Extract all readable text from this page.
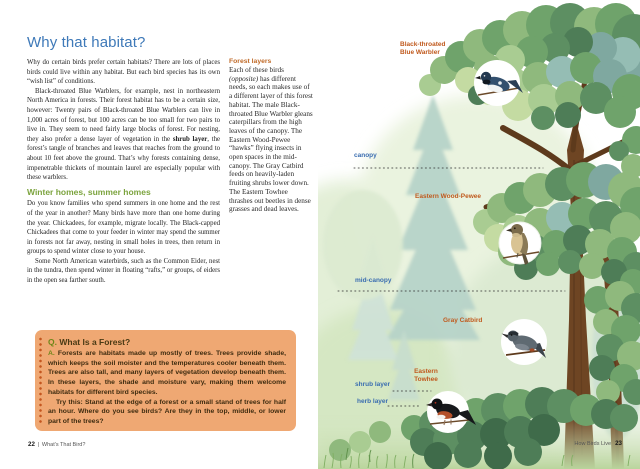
Why that habitat?

Why do certain birds prefer certain habitats? There are lots of places birds could live within any habitat. But each bird species has its own “wish list” of conditions.

Black-throated Blue Warblers, for example, nest in northeastern North America in forests. Their forest habitat has to be a certain size, however: Twenty pairs of Black-throated Blue Warblers can live in 1,000 acres of forest, but 100 acres can be too small for two pairs to live in. They seem to need fairly large blocks of forest. For nesting, they also prefer a dense layer of vegetation in the shrub layer, the forest’s tangle of branches and leaves that reaches from the ground to about 10 feet above the ground. That’s why forests containing dense, impenetrable thickets of mountain laurel are especially popular with these warblers.

Winter homes, summer homes

Do you know families who spend summers in one home and the rest of the year in another? Many birds have more than one home during the year. Chickadees, for example, migrate locally. The Black-capped Chickadees that come to your feeder in winter may spend the summer in forests not far away, nesting in small holes in trees, then return in groups to spend winter close to your house.

Some North American waterbirds, such as the Common Eider, nest in the tundra, then spend winter in floating “rafts,” or groups, of eiders in the open sea farther south.

Forest layers

Each of these birds (opposite) has different needs, so each makes use of a different layer of this forest habitat. The male Black-throated Blue Warbler gleans caterpillars from the high leaves of the canopy. The Eastern Wood-Pewee “hawks” flying insects in open spaces in the mid-canopy. The Gray Catbird feeds on heavily-laden fruiting shrubs lower down. The Eastern Towhee thrashes out beetles in dense grasses and dead leaves.

Q. What Is a Forest?

A. Forests are habitats made up mostly of trees. Trees provide shade, which keeps the soil moister and the temperatures cooler beneath them. Trees are also tall, and many layers of vegetation develop beneath them. In these layers, the shade and moisture vary, making them welcome habitats for different bird species.

Try this: Stand at the edge of a forest or a small stand of trees for half an hour. Where do you see birds? Are they in the top, middle, or lower part of the trees?

22 What’s That Bird?
Black-throated Blue Warbler
canopy
Eastern Wood-Pewee
mid-canopy
Gray Catbird
Eastern Towhee
shrub layer
herb layer
How Birds Live 23
